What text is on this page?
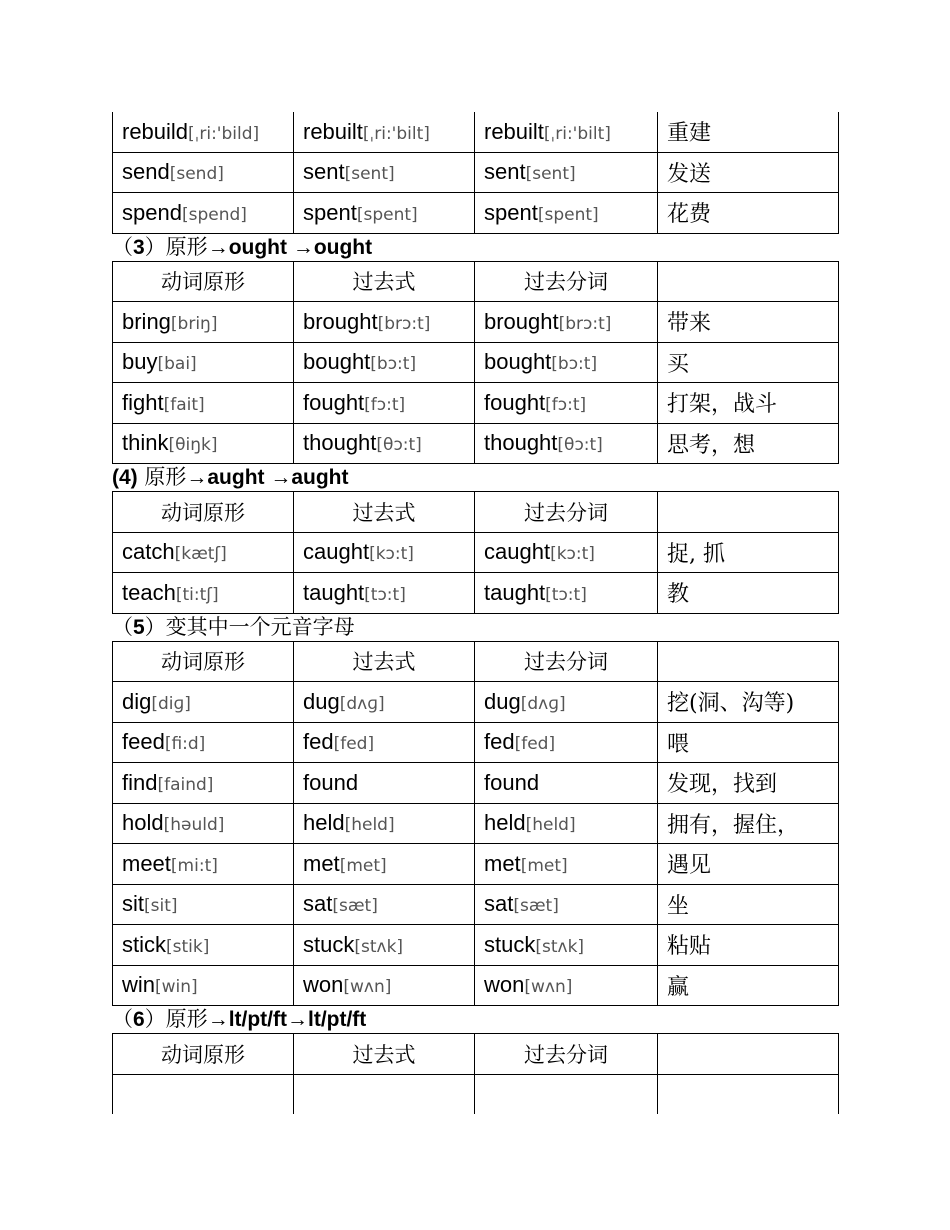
rebuild[ˌri:'bild]	rebuilt[ˌri:'bilt]	rebuilt[ˌri:'bilt]	重建
send[send]	sent[sent]	sent[sent]	发送
spend[spend]	spent[spent]	spent[spent]	花费
（3）原形→ought →ought
动词原形	过去式	过去分词	
bring[briŋ]	brought[brɔ:t]	brought[brɔ:t]	带来
buy[bai]	bought[bɔ:t]	bought[bɔ:t]	买
fight[fait]	fought[fɔ:t]	fought[fɔ:t]	打架，战斗
think[θiŋk]	thought[θɔ:t]	thought[θɔ:t]	思考，想
(4) 原形→aught →aught
动词原形	过去式	过去分词	
catch[kætʃ]	caught[kɔ:t]	caught[kɔ:t]	捉, 抓
teach[ti:tʃ]	taught[tɔ:t]	taught[tɔ:t]	教
（5）变其中一个元音字母
动词原形	过去式	过去分词	
dig[diɡ]	dug[dʌɡ]	dug[dʌɡ]	挖(洞、沟等)
feed[fi:d]	fed[fed]	fed[fed]	喂
find[faind]	found	found	发现，找到
hold[həuld]	held[held]	held[held]	拥有，握住，
meet[mi:t]	met[met]	met[met]	遇见
sit[sit]	sat[sæt]	sat[sæt]	坐
stick[stik]	stuck[stʌk]	stuck[stʌk]	粘贴
win[win]	won[wʌn]	won[wʌn]	赢
（6）原形→lt/pt/ft→lt/pt/ft
动词原形	过去式	过去分词	
